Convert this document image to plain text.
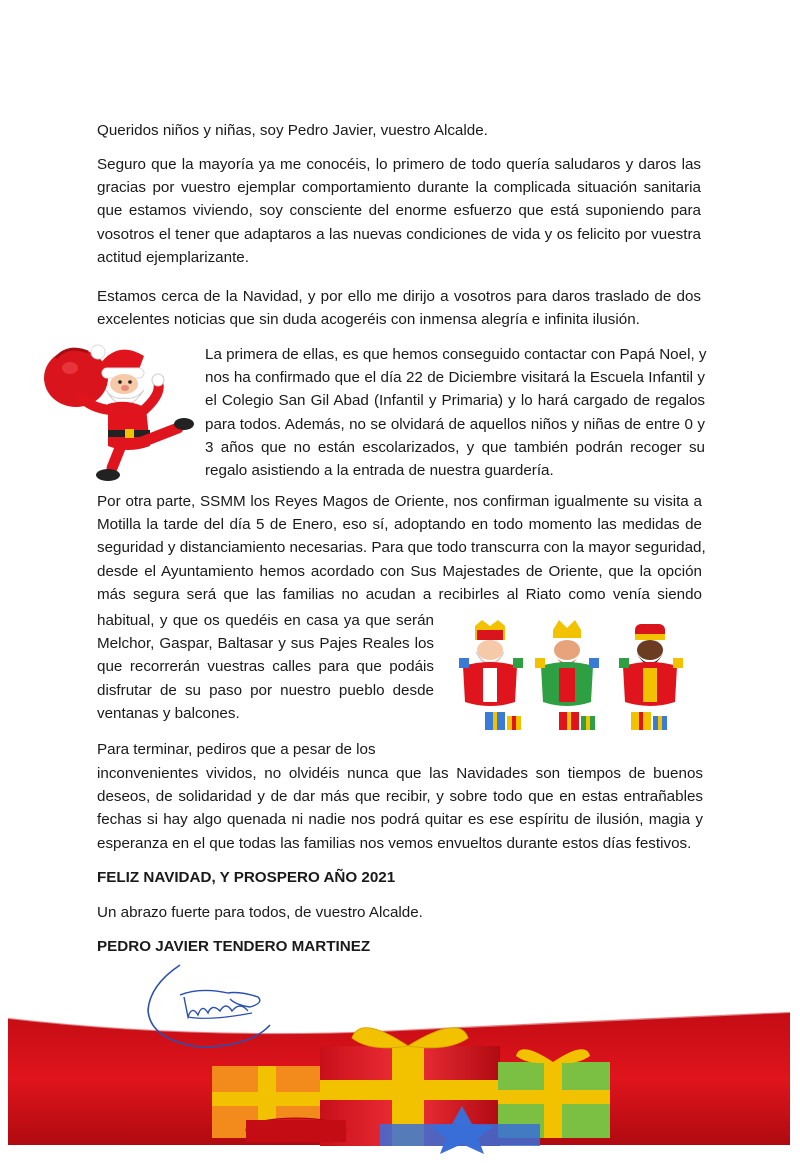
Queridos niños y niñas, soy Pedro Javier, vuestro Alcalde.

Seguro que la mayoría ya me conocéis, lo primero de todo quería saludaros y daros las
gracias por vuestro ejemplar comportamiento durante la complicada situación sanitaria
que estamos viviendo, soy consciente del enorme esfuerzo que está suponiendo para
vosotros el tener que adaptaros a las nuevas condiciones de vida y os felicito por vuestra
actitud ejemplarizante.
Estamos cerca de la Navidad, y por ello me dirijo a vosotros para daros traslado de dos
excelentes noticias que sin duda acogeréis con inmensa alegría e infinita ilusión.
La primera de ellas, es que hemos conseguido contactar con Papá Noel, y
nos ha confirmado que el día 22 de Diciembre visitará la Escuela Infantil y
el Colegio San Gil Abad (Infantil y Primaria) y lo hará cargado de regalos
para todos. Además, no se olvidará de aquellos niños y niñas de entre 0 y
3 años que no están escolarizados, y que también podrán recoger su
regalo asistiendo a la entrada de nuestra guardería.
Por otra parte, SSMM los Reyes Magos de Oriente, nos confirman igualmente su visita a
Motilla la tarde del día 5 de Enero, eso sí, adoptando en todo momento las medidas de
seguridad y distanciamiento necesarias. Para que todo transcurra con la mayor seguridad,
desde el Ayuntamiento hemos acordado con Sus Majestades de Oriente, que la opción
más segura será que las familias no acudan a recibirles al Riato como venía siendo
habitual, y que os quedéis en casa ya que serán
Melchor, Gaspar, Baltasar y sus Pajes Reales los
que recorrerán vuestras calles para que podáis
disfrutar de su paso por nuestro pueblo desde
ventanas y balcones.

Para terminar, pediros que a pesar de los

inconvenientes vividos, no olvidéis nunca que las Navidades son tiempos de buenos
deseos, de solidaridad y de dar más que recibir, y sobre todo que en estas entrañables
fechas si hay algo quenada ni nadie nos podrá quitar es ese espíritu de ilusión, magia y
esperanza en el que todas las familias nos vemos envueltos durante estos días festivos.

FELIZ NAVIDAD, Y PROSPERO AÑO 2021

Un abrazo fuerte para todos, de vuestro Alcalde.

PEDRO JAVIER TENDERO MARTINEZ
